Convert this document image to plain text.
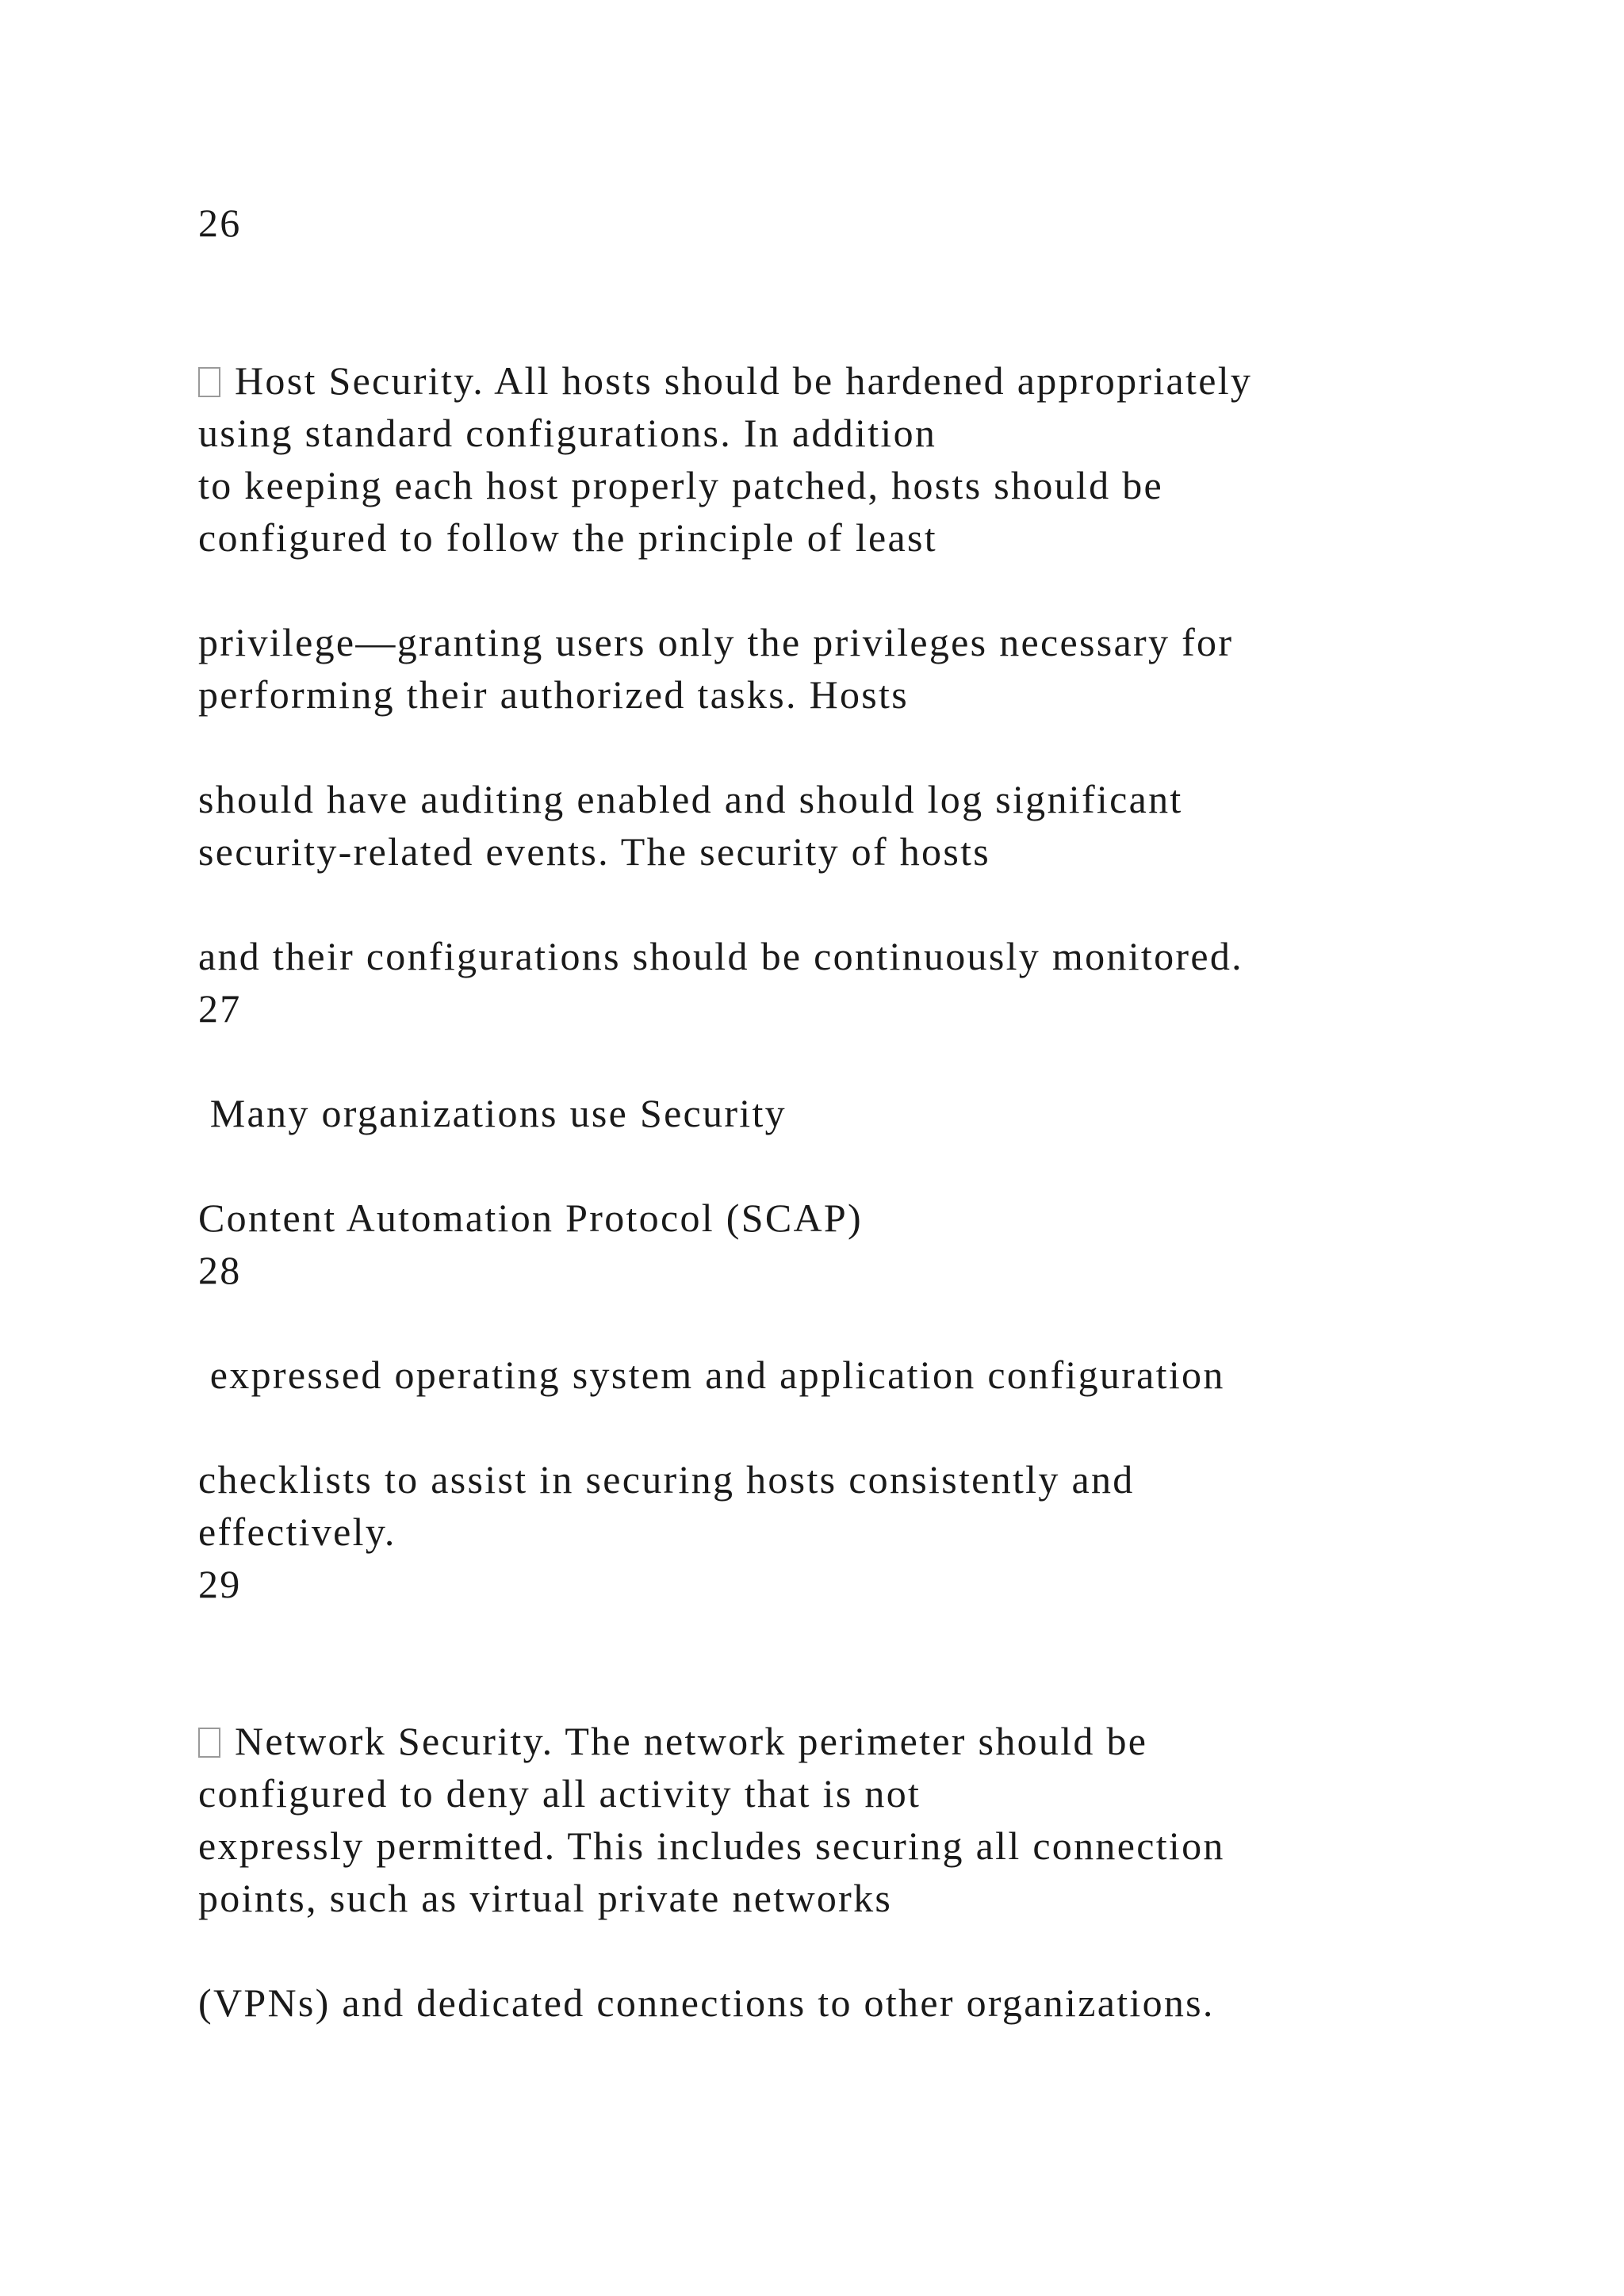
26
Host Security. All hosts should be hardened appropriately
using standard configurations. In addition
to keeping each host properly patched, hosts should be
configured to follow the principle of least
privilege—granting users only the privileges necessary for
performing their authorized tasks. Hosts
should have auditing enabled and should log significant
security-related events. The security of hosts
and their configurations should be continuously monitored.
27
Many organizations use Security
Content Automation Protocol (SCAP)
28
expressed operating system and application configuration
checklists to assist in securing hosts consistently and
effectively.
29
Network Security. The network perimeter should be
configured to deny all activity that is not
expressly permitted. This includes securing all connection
points, such as virtual private networks
(VPNs) and dedicated connections to other organizations.
